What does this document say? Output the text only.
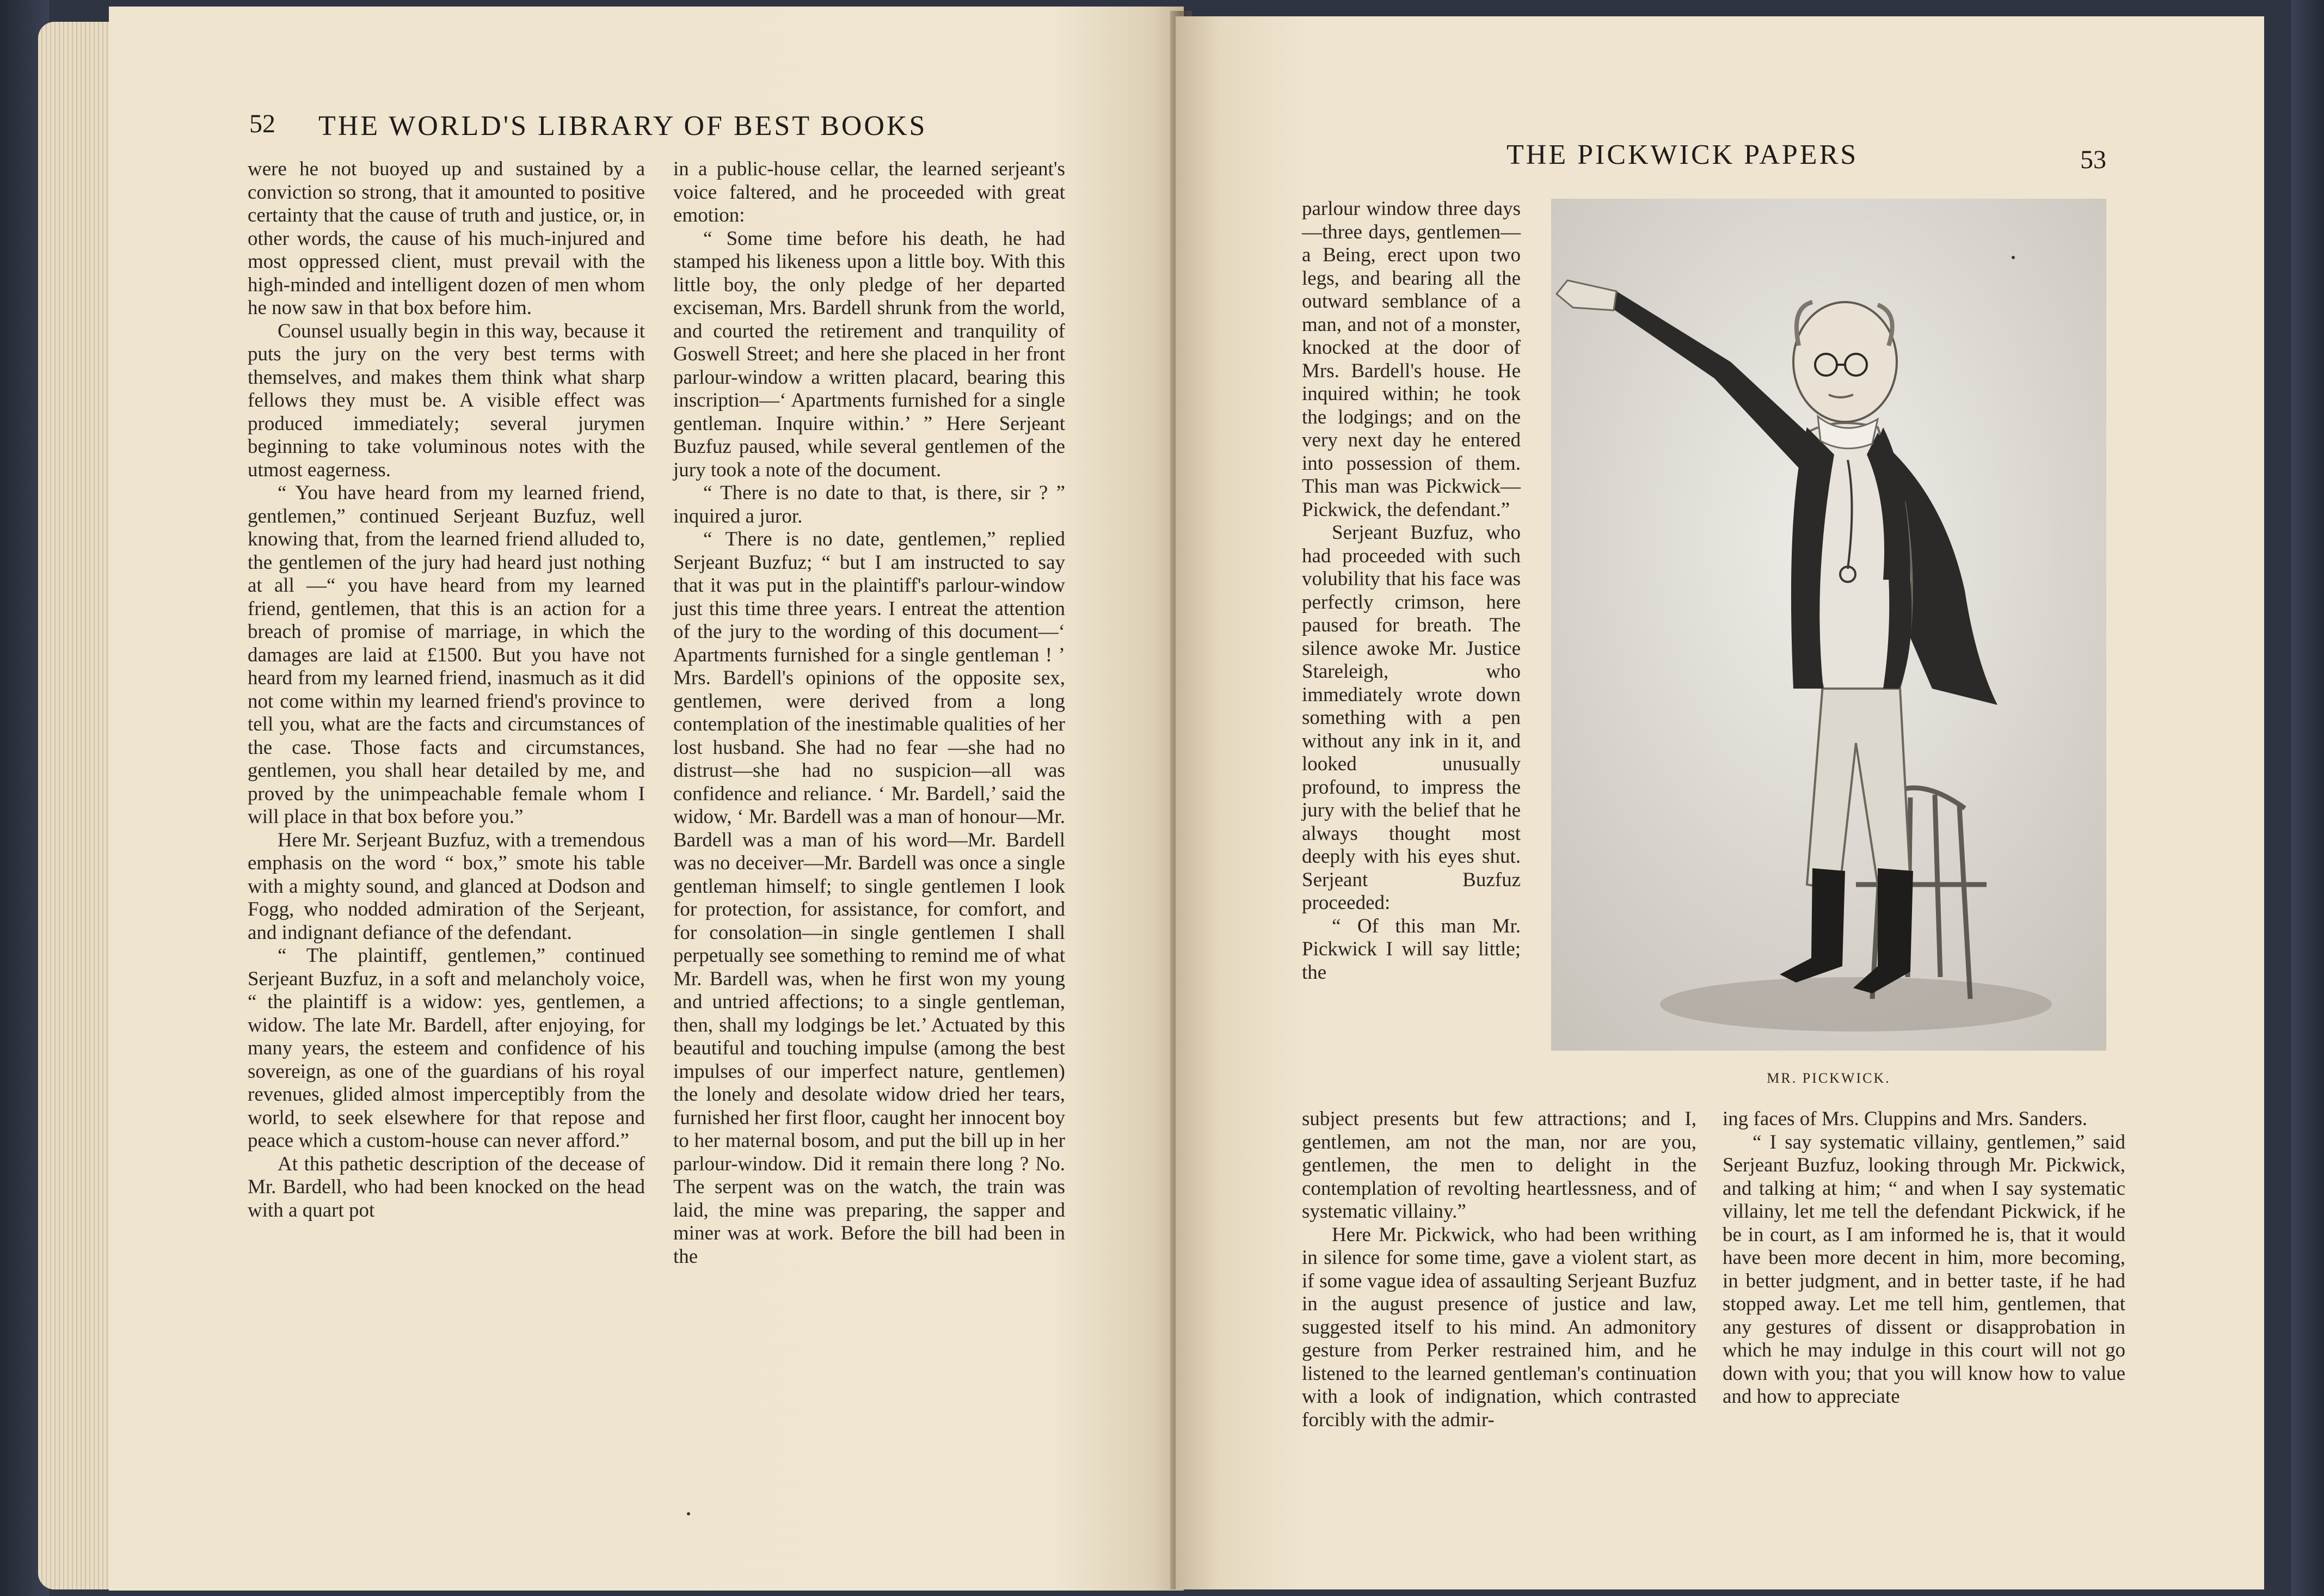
52 THE WORLD'S LIBRARY OF BEST BOOKS

were he not buoyed up and sustained by a conviction so strong, that it amounted to positive certainty that the cause of truth and justice, or, in other words, the cause of his much-injured and most oppressed client, must prevail with the high-minded and intelligent dozen of men whom he now saw in that box before him.

Counsel usually begin in this way, because it puts the jury on the very best terms with themselves, and makes them think what sharp fellows they must be. A visible effect was produced immediately; several jurymen beginning to take voluminous notes with the utmost eagerness.

“ You have heard from my learned friend, gentlemen,” continued Serjeant Buzfuz, well knowing that, from the learned friend alluded to, the gentlemen of the jury had heard just nothing at all —“ you have heard from my learned friend, gentlemen, that this is an action for a breach of promise of marriage, in which the damages are laid at £1500. But you have not heard from my learned friend, inasmuch as it did not come within my learned friend's province to tell you, what are the facts and circumstances of the case. Those facts and circumstances, gentlemen, you shall hear detailed by me, and proved by the unimpeachable female whom I will place in that box before you.”

Here Mr. Serjeant Buzfuz, with a tremendous emphasis on the word “ box,” smote his table with a mighty sound, and glanced at Dodson and Fogg, who nodded admiration of the Serjeant, and indignant defiance of the defendant.

“ The plaintiff, gentlemen,” continued Serjeant Buzfuz, in a soft and melancholy voice, “ the plaintiff is a widow: yes, gentlemen, a widow. The late Mr. Bardell, after enjoying, for many years, the esteem and confidence of his sovereign, as one of the guardians of his royal revenues, glided almost imperceptibly from the world, to seek elsewhere for that repose and peace which a custom-house can never afford.”

At this pathetic description of the decease of Mr. Bardell, who had been knocked on the head with a quart pot

in a public-house cellar, the learned serjeant's voice faltered, and he proceeded with great emotion:

“ Some time before his death, he had stamped his likeness upon a little boy. With this little boy, the only pledge of her departed exciseman, Mrs. Bardell shrunk from the world, and courted the retirement and tranquility of Goswell Street; and here she placed in her front parlour-window a written placard, bearing this inscription—‘ Apartments furnished for a single gentleman. Inquire within.’ ” Here Serjeant Buzfuz paused, while several gentlemen of the jury took a note of the document.

“ There is no date to that, is there, sir ? ” inquired a juror.

“ There is no date, gentlemen,” replied Serjeant Buzfuz; “ but I am instructed to say that it was put in the plaintiff's parlour-window just this time three years. I entreat the attention of the jury to the wording of this document—‘ Apartments furnished for a single gentleman ! ’ Mrs. Bardell's opinions of the opposite sex, gentlemen, were derived from a long contemplation of the inestimable qualities of her lost husband. She had no fear —she had no distrust—she had no suspicion—all was confidence and reliance. ‘ Mr. Bardell,’ said the widow, ‘ Mr. Bardell was a man of honour—Mr. Bardell was a man of his word—Mr. Bardell was no deceiver—Mr. Bardell was once a single gentleman himself; to single gentlemen I look for protection, for assistance, for comfort, and for consolation—in single gentlemen I shall perpetually see something to remind me of what Mr. Bardell was, when he first won my young and untried affections; to a single gentleman, then, shall my lodgings be let.’ Actuated by this beautiful and touching impulse (among the best impulses of our imperfect nature, gentlemen) the lonely and desolate widow dried her tears, furnished her first floor, caught her innocent boy to her maternal bosom, and put the bill up in her parlour-window. Did it remain there long ? No. The serpent was on the watch, the train was laid, the mine was preparing, the sapper and miner was at work. Before the bill had been in the

THE PICKWICK PAPERS	53

parlour window three days—three days, gentlemen—a Being, erect upon two legs, and bearing all the outward semblance of a man, and not of a monster, knocked at the door of Mrs. Bardell's house. He inquired within; he took the lodgings; and on the very next day he entered into possession of them. This man was Pickwick—Pickwick, the defendant.”

Serjeant Buzfuz, who had proceeded with such volubility that his face was perfectly crimson, here paused for breath. The silence awoke Mr. Justice Stareleigh, who immediately wrote down something with a pen without any ink in it, and looked unusually profound, to impress the jury with the belief that he always thought most deeply with his eyes shut. Serjeant Buzfuz proceeded:

“ Of this man Mr. Pickwick I will say little; the

subject presents but few attractions; and I, gentlemen, am not the man, nor are you, gentlemen, the men to delight in the contemplation of revolting heartlessness, and of systematic villainy.”

Here Mr. Pickwick, who had been writhing in silence for some time, gave a violent start, as if some vague idea of assaulting Serjeant Buzfuz in the august presence of justice and law, suggested itself to his mind. An admonitory gesture from Perker restrained him, and he listened to the learned gentleman's continuation with a look of indignation, which contrasted forcibly with the admir-

ing faces of Mrs. Cluppins and Mrs. Sanders.

“ I say systematic villainy, gentlemen,” said Serjeant Buzfuz, looking through Mr. Pickwick, and talking at him; “ and when I say systematic villainy, let me tell the defendant Pickwick, if he be in court, as I am informed he is, that it would have been more decent in him, more becoming, in better judgment, and in better taste, if he had stopped away. Let me tell him, gentlemen, that any gestures of dissent or disapprobation in which he may indulge in this court will not go down with you; that you will know how to value and how to appreciate

MR. PICKWICK.
